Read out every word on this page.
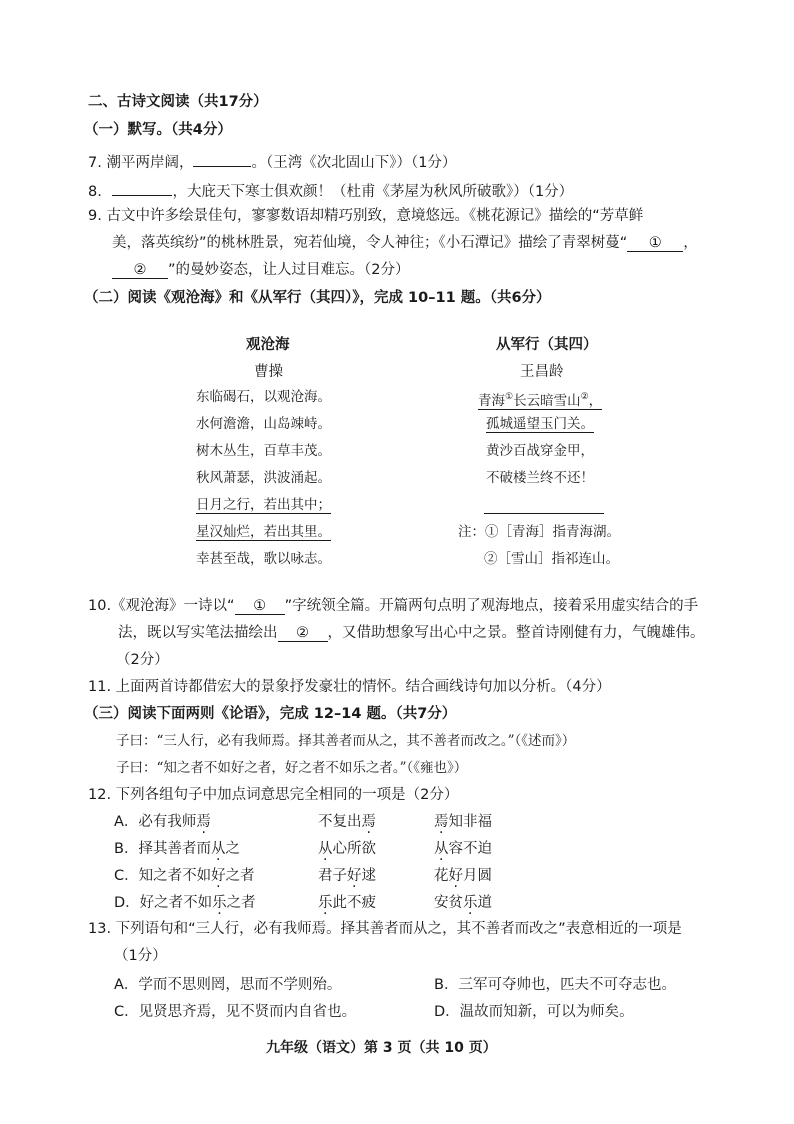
二、古诗文阅读（共17分）
（一）默写。（共4分）
7. 潮平两岸阔，	。（王湾《次北固山下》）（1分）
8.	，大庇天下寒士俱欢颜！（杜甫《茅屋为秋风所破歌》）（1分）
9. 古文中许多绘景佳句，寥寥数语却精巧别致，意境悠远。《桃花源记》描绘的“芳草鲜
美，落英缤纷”的桃林胜景，宛若仙境，令人神往；《小石潭记》描绘了青翠树蔓“ ① ，
② ”的曼妙姿态，让人过目难忘。（2分）
（二）阅读《观沧海》和《从军行（其四）》，完成 10–11 题。（共6分）
观沧海
曹操
东临碣石，以观沧海。
水何澹澹，山岛竦峙。
树木丛生，百草丰茂。
秋风萧瑟，洪波涌起。
日月之行，若出其中；
星汉灿烂，若出其里。
幸甚至哉，歌以咏志。
从军行（其四）
王昌龄
青海①长云暗雪山②，
孤城遥望玉门关。
黄沙百战穿金甲，
不破楼兰终不还！
注：①［青海］指青海湖。
②［雪山］指祁连山。
10.《观沧海》一诗以“ ① ”字统领全篇。开篇两句点明了观海地点，接着采用虚实结合的手
法，既以写实笔法描绘出 ② ，又借助想象写出心中之景。整首诗刚健有力，气魄雄伟。
（2分）
11. 上面两首诗都借宏大的景象抒发豪壮的情怀。结合画线诗句加以分析。（4分）
（三）阅读下面两则《论语》，完成 12–14 题。（共7分）
子曰：“三人行，必有我师焉。择其善者而从之，其不善者而改之。”（《述而》）
子曰：“知之者不如好之者，好之者不如乐之者。”（《雍也》）
12. 下列各组句子中加点词意思完全相同的一项是（2分）
A．必有我师焉	不复出焉	焉知非福
B．择其善者而从之	从心所欲	从容不迫
C．知之者不如好之者	君子好逑	花好月圆
D．好之者不如乐之者	乐此不疲	安贫乐道
13. 下列语句和“三人行，必有我师焉。择其善者而从之，其不善者而改之”表意相近的一项是
（1分）
A．学而不思则罔，思而不学则殆。	B．三军可夺帅也，匹夫不可夺志也。
C．见贤思齐焉，见不贤而内自省也。	D．温故而知新，可以为师矣。
九年级（语文）第 3 页（共 10 页）
